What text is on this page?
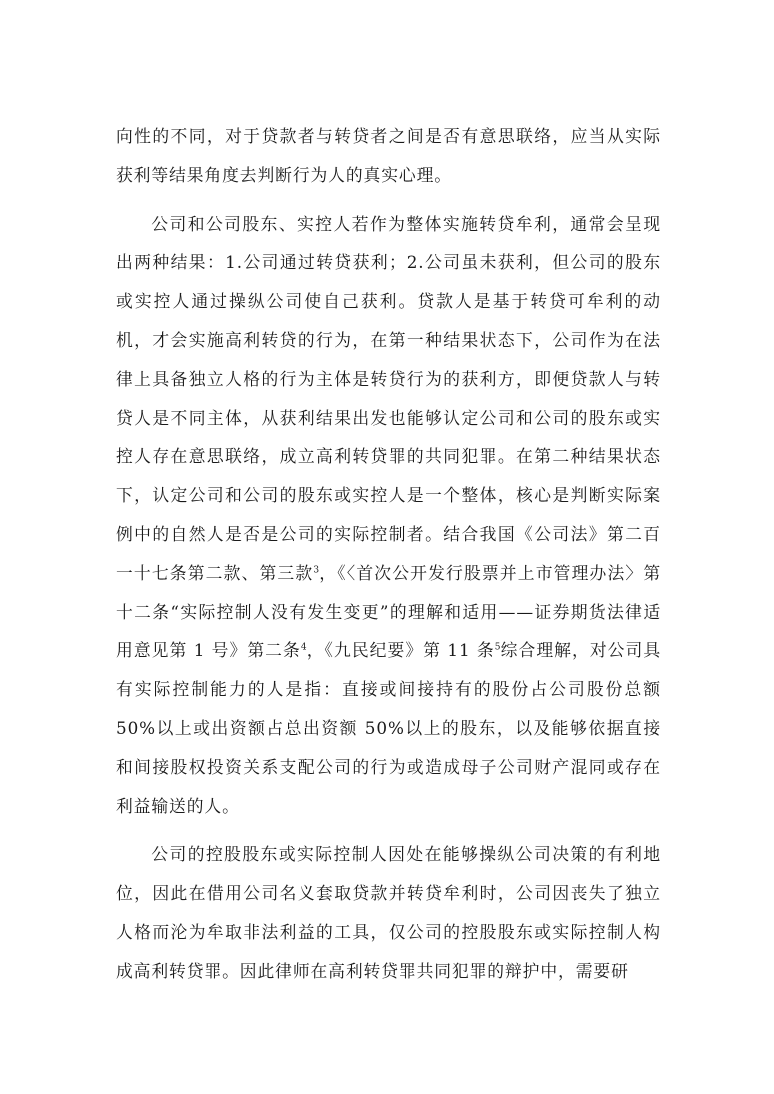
向性的不同，对于贷款者与转贷者之间是否有意思联络，应当从实际获利等结果角度去判断行为人的真实心理。

公司和公司股东、实控人若作为整体实施转贷牟利，通常会呈现出两种结果：1.公司通过转贷获利；2.公司虽未获利，但公司的股东或实控人通过操纵公司使自己获利。贷款人是基于转贷可牟利的动机，才会实施高利转贷的行为，在第一种结果状态下，公司作为在法律上具备独立人格的行为主体是转贷行为的获利方，即便贷款人与转贷人是不同主体，从获利结果出发也能够认定公司和公司的股东或实控人存在意思联络，成立高利转贷罪的共同犯罪。在第二种结果状态下，认定公司和公司的股东或实控人是一个整体，核心是判断实际案例中的自然人是否是公司的实际控制者。结合我国《公司法》第二百一十七条第二款、第三款$^3$，《〈首次公开发行股票并上市管理办法〉第十二条“实际控制人没有发生变更”的理解和适用——证券期货法律适用意见第 1 号》第二条$^4$，《九民纪要》第 11 条$^5$综合理解，对公司具有实际控制能力的人是指：直接或间接持有的股份占公司股份总额 50%以上或出资额占总出资额 50%以上的股东，以及能够依据直接和间接股权投资关系支配公司的行为或造成母子公司财产混同或存在利益输送的人。

公司的控股股东或实际控制人因处在能够操纵公司决策的有利地位，因此在借用公司名义套取贷款并转贷牟利时，公司因丧失了独立人格而沦为牟取非法利益的工具，仅公司的控股股东或实际控制人构成高利转贷罪。因此律师在高利转贷罪共同犯罪的辩护中，需要研
